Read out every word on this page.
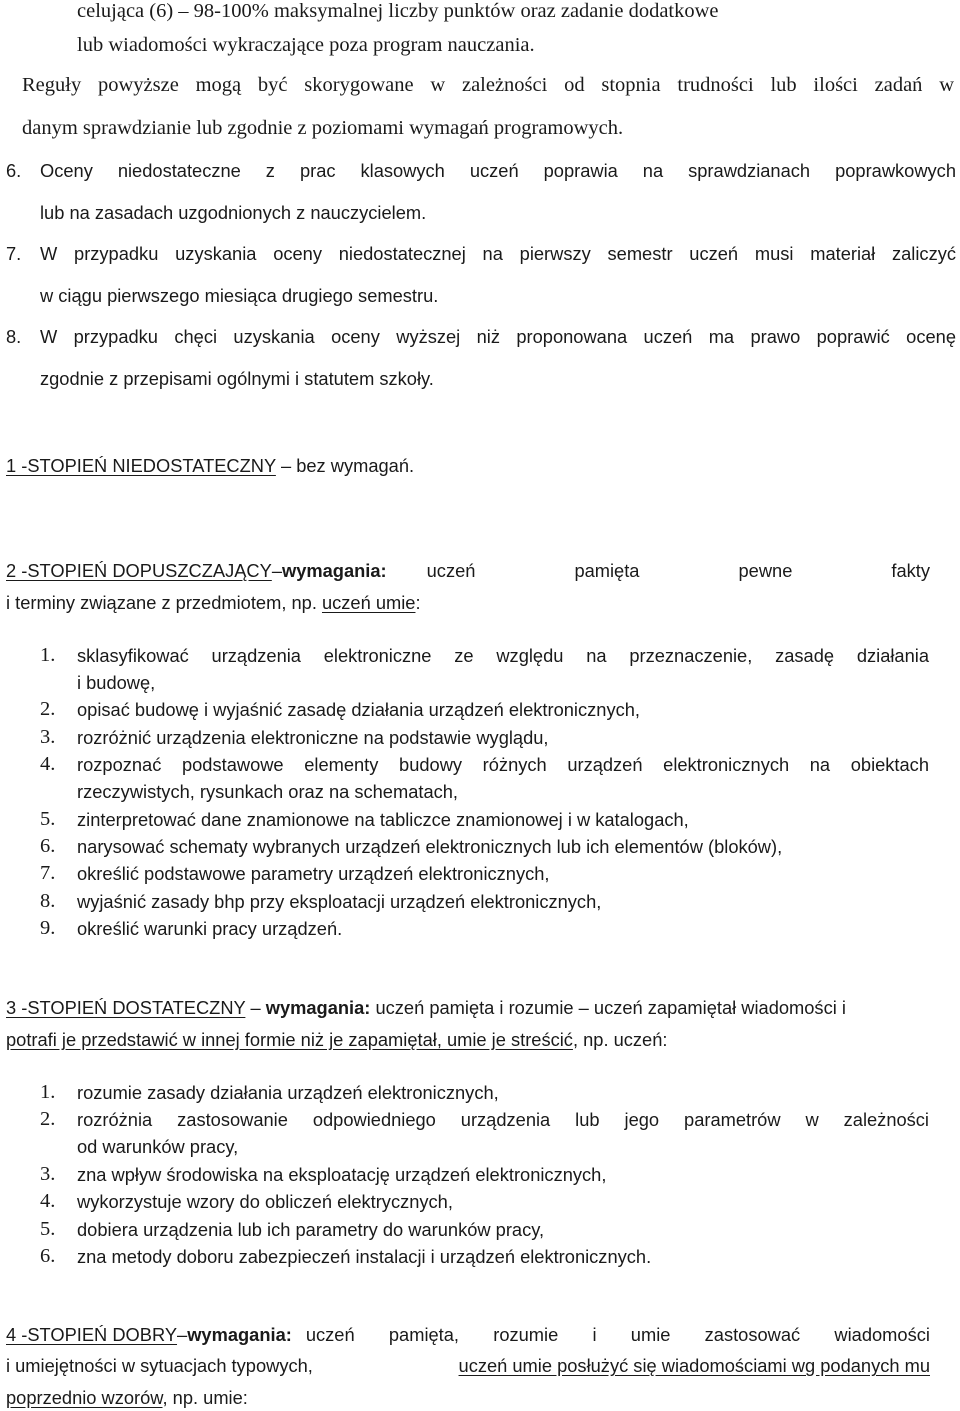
celująca (6) – 98-100% maksymalnej liczby punktów oraz zadanie dodatkowe
lub wiadomości wykraczające poza program nauczania.
Reguły powyższe mogą być skorygowane w zależności od stopnia trudności lub ilości zadań w
danym sprawdzianie lub zgodnie z poziomami wymagań programowych.
6. Oceny niedostateczne z prac klasowych uczeń poprawia na sprawdzianach poprawkowych
lub na zasadach uzgodnionych z nauczycielem.
7. W przypadku uzyskania oceny niedostatecznej na pierwszy semestr uczeń musi materiał zaliczyć
w ciągu pierwszego miesiąca drugiego semestru.
8. W przypadku chęci uzyskania oceny wyższej niż proponowana uczeń ma prawo poprawić ocenę
zgodnie z przepisami ogólnymi i statutem szkoły.
1 -STOPIEŃ NIEDOSTATECZNY – bez wymagań.
2 -STOPIEŃ DOPUSZCZAJĄCY – wymagania: uczeń	pamięta	pewne	fakty
i terminy związane z przedmiotem, np. uczeń umie:
1. sklasyfikować urządzenia elektroniczne ze względu na przeznaczenie, zasadę działania
i budowę,
2. opisać budowę i wyjaśnić zasadę działania urządzeń elektronicznych,
3. rozróżnić urządzenia elektroniczne na podstawie wyglądu,
4. rozpoznać podstawowe elementy budowy różnych urządzeń elektronicznych na obiektach
rzeczywistych, rysunkach oraz na schematach,
5. zinterpretować dane znamionowe na tabliczce znamionowej i w katalogach,
6. narysować schematy wybranych urządzeń elektronicznych lub ich elementów (bloków),
7. określić podstawowe parametry urządzeń elektronicznych,
8. wyjaśnić zasady bhp przy eksploatacji urządzeń elektronicznych,
9. określić warunki pracy urządzeń.
3 -STOPIEŃ DOSTATECZNY – wymagania: uczeń pamięta i rozumie – uczeń zapamiętał wiadomości i
potrafi je przedstawić w innej formie niż je zapamiętał, umie je streścić, np. uczeń:
1. rozumie zasady działania urządzeń elektronicznych,
2. rozróżnia zastosowanie odpowiedniego urządzenia lub jego parametrów w zależności
od warunków pracy,
3. zna wpływ środowiska na eksploatację urządzeń elektronicznych,
4. wykorzystuje wzory do obliczeń elektrycznych,
5. dobiera urządzenia lub ich parametry do warunków pracy,
6. zna metody doboru zabezpieczeń instalacji i urządzeń elektronicznych.
4 -STOPIEŃ DOBRY – wymagania: uczeń pamięta, rozumie i umie zastosować wiadomości
i umiejętności w sytuacjach typowych,	uczeń umie posłużyć się wiadomościami wg podanych mu
poprzednio wzorów, np. umie:
